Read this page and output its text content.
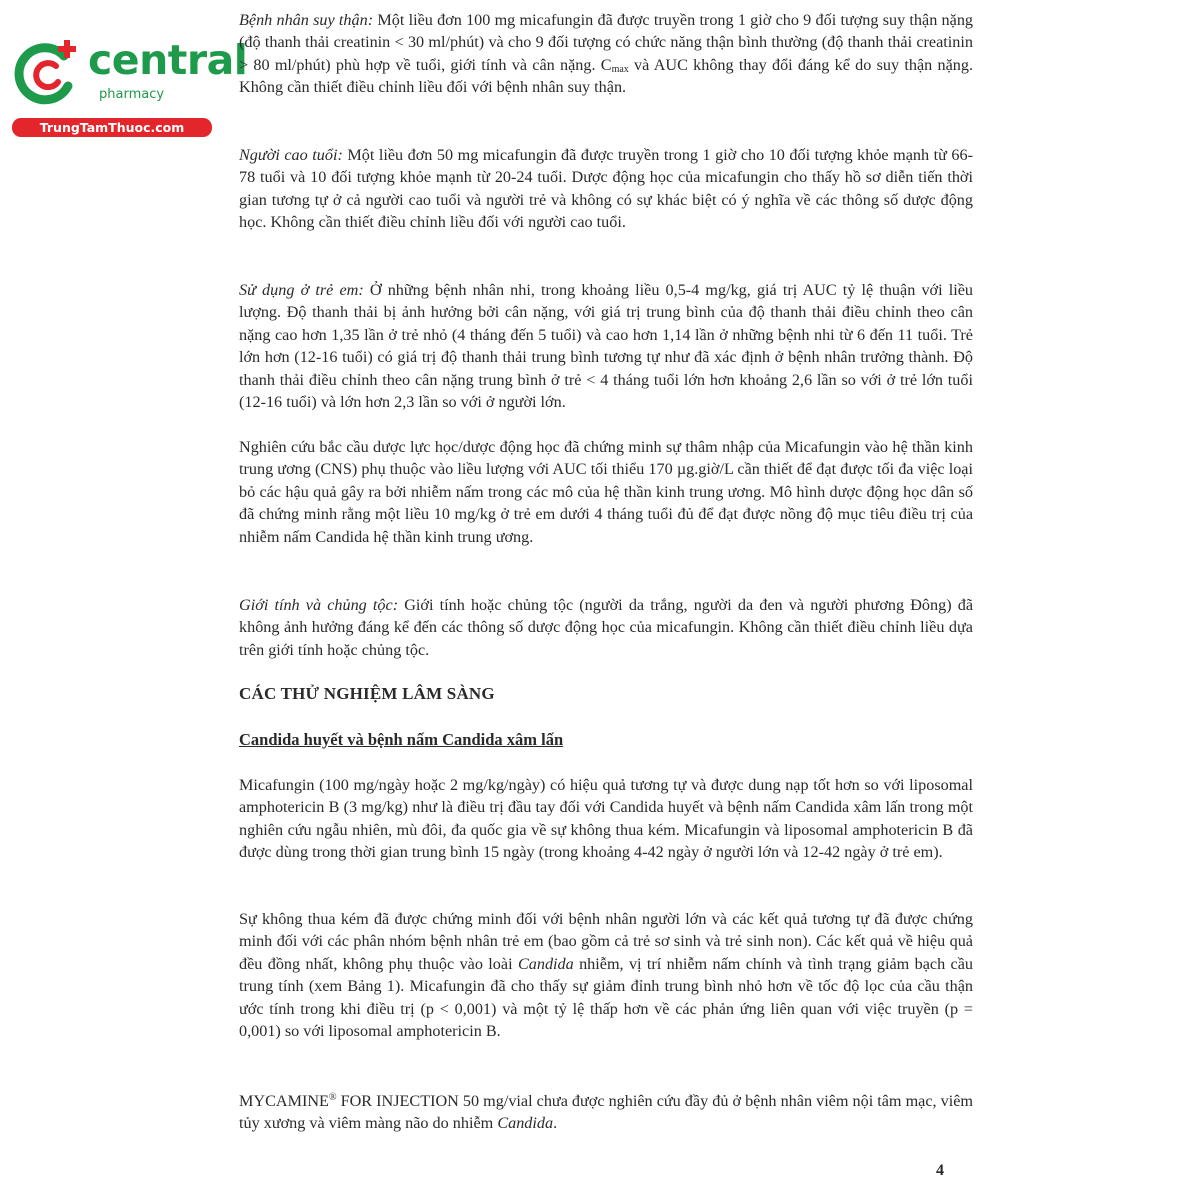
central
pharmacy
TrungTamThuoc.com

Bệnh nhân suy thận: Một liều đơn 100 mg micafungin đã được truyền trong 1 giờ cho 9 đối tượng suy thận nặng (độ thanh thải creatinin < 30 ml/phút) và cho 9 đối tượng có chức năng thận bình thường (độ thanh thải creatinin > 80 ml/phút) phù hợp về tuổi, giới tính và cân nặng. $C_{max}$ và AUC không thay đổi đáng kể do suy thận nặng. Không cần thiết điều chỉnh liều đối với bệnh nhân suy thận.

Người cao tuổi: Một liều đơn 50 mg micafungin đã được truyền trong 1 giờ cho 10 đối tượng khỏe mạnh từ 66-78 tuổi và 10 đối tượng khỏe mạnh từ 20-24 tuổi. Dược động học của micafungin cho thấy hồ sơ diễn tiến thời gian tương tự ở cả người cao tuổi và người trẻ và không có sự khác biệt có ý nghĩa về các thông số dược động học. Không cần thiết điều chỉnh liều đối với người cao tuổi.

Sử dụng ở trẻ em: Ở những bệnh nhân nhi, trong khoảng liều 0,5-4 mg/kg, giá trị AUC tỷ lệ thuận với liều lượng. Độ thanh thải bị ảnh hưởng bởi cân nặng, với giá trị trung bình của độ thanh thải điều chỉnh theo cân nặng cao hơn 1,35 lần ở trẻ nhỏ (4 tháng đến 5 tuổi) và cao hơn 1,14 lần ở những bệnh nhi từ 6 đến 11 tuổi. Trẻ lớn hơn (12-16 tuổi) có giá trị độ thanh thải trung bình tương tự như đã xác định ở bệnh nhân trưởng thành. Độ thanh thải điều chỉnh theo cân nặng trung bình ở trẻ < 4 tháng tuổi lớn hơn khoảng 2,6 lần so với ở trẻ lớn tuổi (12-16 tuổi) và lớn hơn 2,3 lần so với ở người lớn.

Nghiên cứu bắc cầu dược lực học/dược động học đã chứng minh sự thâm nhập của Micafungin vào hệ thần kinh trung ương (CNS) phụ thuộc vào liều lượng với AUC tối thiểu 170 µg.giờ/L cần thiết để đạt được tối đa việc loại bỏ các hậu quả gây ra bởi nhiễm nấm trong các mô của hệ thần kinh trung ương. Mô hình dược động học dân số đã chứng minh rằng một liều 10 mg/kg ở trẻ em dưới 4 tháng tuổi đủ để đạt được nồng độ mục tiêu điều trị của nhiễm nấm Candida hệ thần kinh trung ương.

Giới tính và chủng tộc: Giới tính hoặc chủng tộc (người da trắng, người da đen và người phương Đông) đã không ảnh hưởng đáng kể đến các thông số dược động học của micafungin. Không cần thiết điều chỉnh liều dựa trên giới tính hoặc chủng tộc.

CÁC THỬ NGHIỆM LÂM SÀNG
Candida huyết và bệnh nấm Candida xâm lấn

Micafungin (100 mg/ngày hoặc 2 mg/kg/ngày) có hiệu quả tương tự và được dung nạp tốt hơn so với liposomal amphotericin B (3 mg/kg) như là điều trị đầu tay đối với Candida huyết và bệnh nấm Candida xâm lấn trong một nghiên cứu ngẫu nhiên, mù đôi, đa quốc gia về sự không thua kém. Micafungin và liposomal amphotericin B đã được dùng trong thời gian trung bình 15 ngày (trong khoảng 4-42 ngày ở người lớn và 12-42 ngày ở trẻ em).

Sự không thua kém đã được chứng minh đối với bệnh nhân người lớn và các kết quả tương tự đã được chứng minh đối với các phân nhóm bệnh nhân trẻ em (bao gồm cả trẻ sơ sinh và trẻ sinh non). Các kết quả về hiệu quả đều đồng nhất, không phụ thuộc vào loài Candida nhiễm, vị trí nhiễm nấm chính và tình trạng giảm bạch cầu trung tính (xem Bảng 1). Micafungin đã cho thấy sự giảm đỉnh trung bình nhỏ hơn về tốc độ lọc của cầu thận ước tính trong khi điều trị (p < 0,001) và một tỷ lệ thấp hơn về các phản ứng liên quan với việc truyền (p = 0,001) so với liposomal amphotericin B.

MYCAMINE® FOR INJECTION 50 mg/vial chưa được nghiên cứu đầy đủ ở bệnh nhân viêm nội tâm mạc, viêm tủy xương và viêm màng não do nhiễm Candida.

4
